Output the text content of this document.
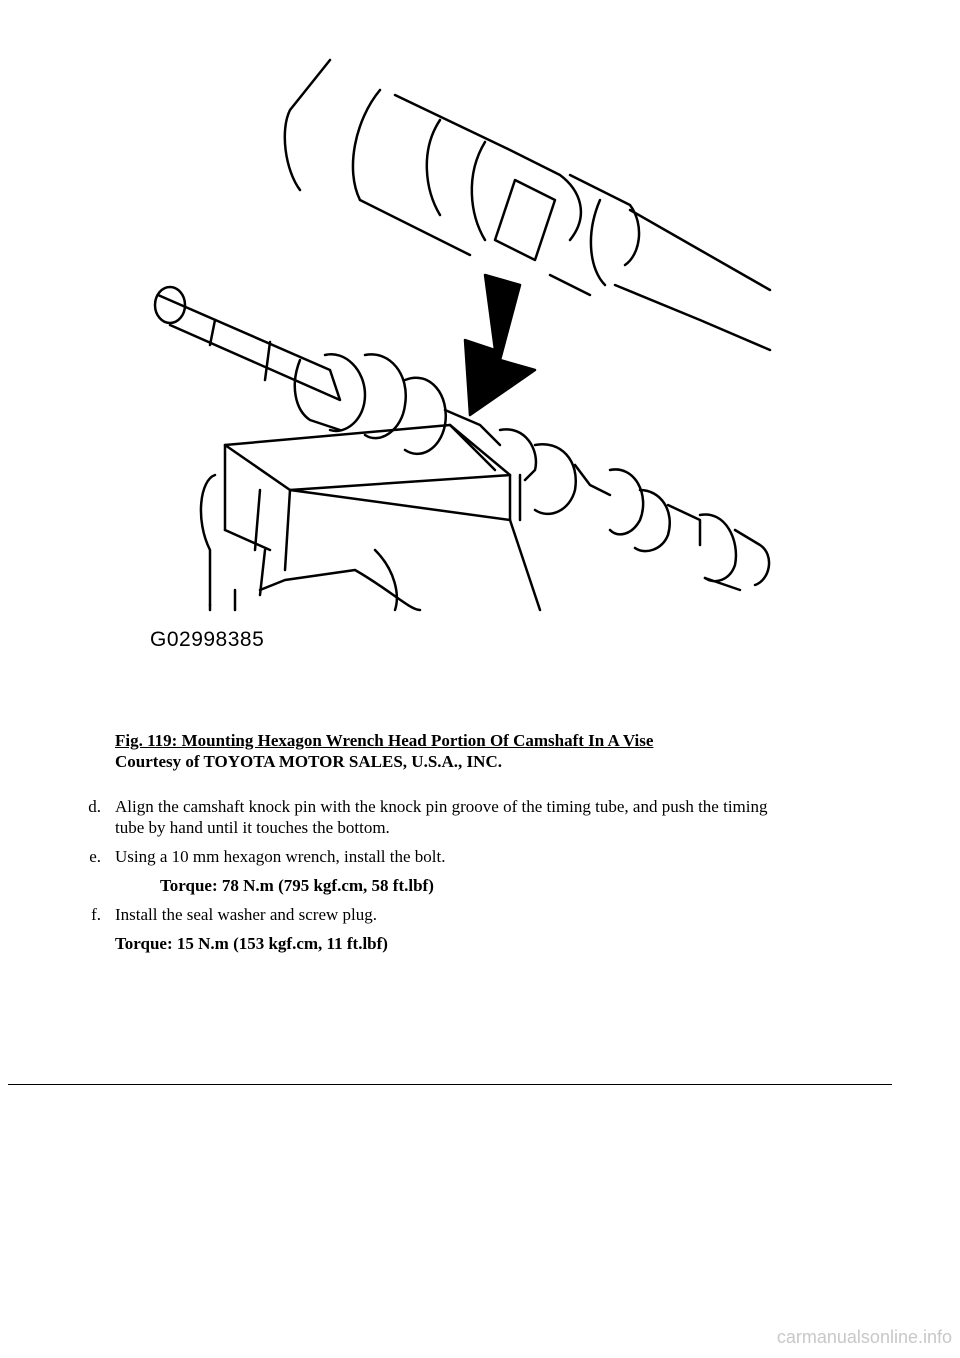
G02998385
Fig. 119: Mounting Hexagon Wrench Head Portion Of Camshaft In A Vise
Courtesy of TOYOTA MOTOR SALES, U.S.A., INC.
d. Align the camshaft knock pin with the knock pin groove of the timing tube, and push the timing
tube by hand until it touches the bottom.
e. Using a 10 mm hexagon wrench, install the bolt.
Torque: 78 N.m (795 kgf.cm, 58 ft.lbf)
f. Install the seal washer and screw plug.
Torque: 15 N.m (153 kgf.cm, 11 ft.lbf)
carmanualsonline.info
